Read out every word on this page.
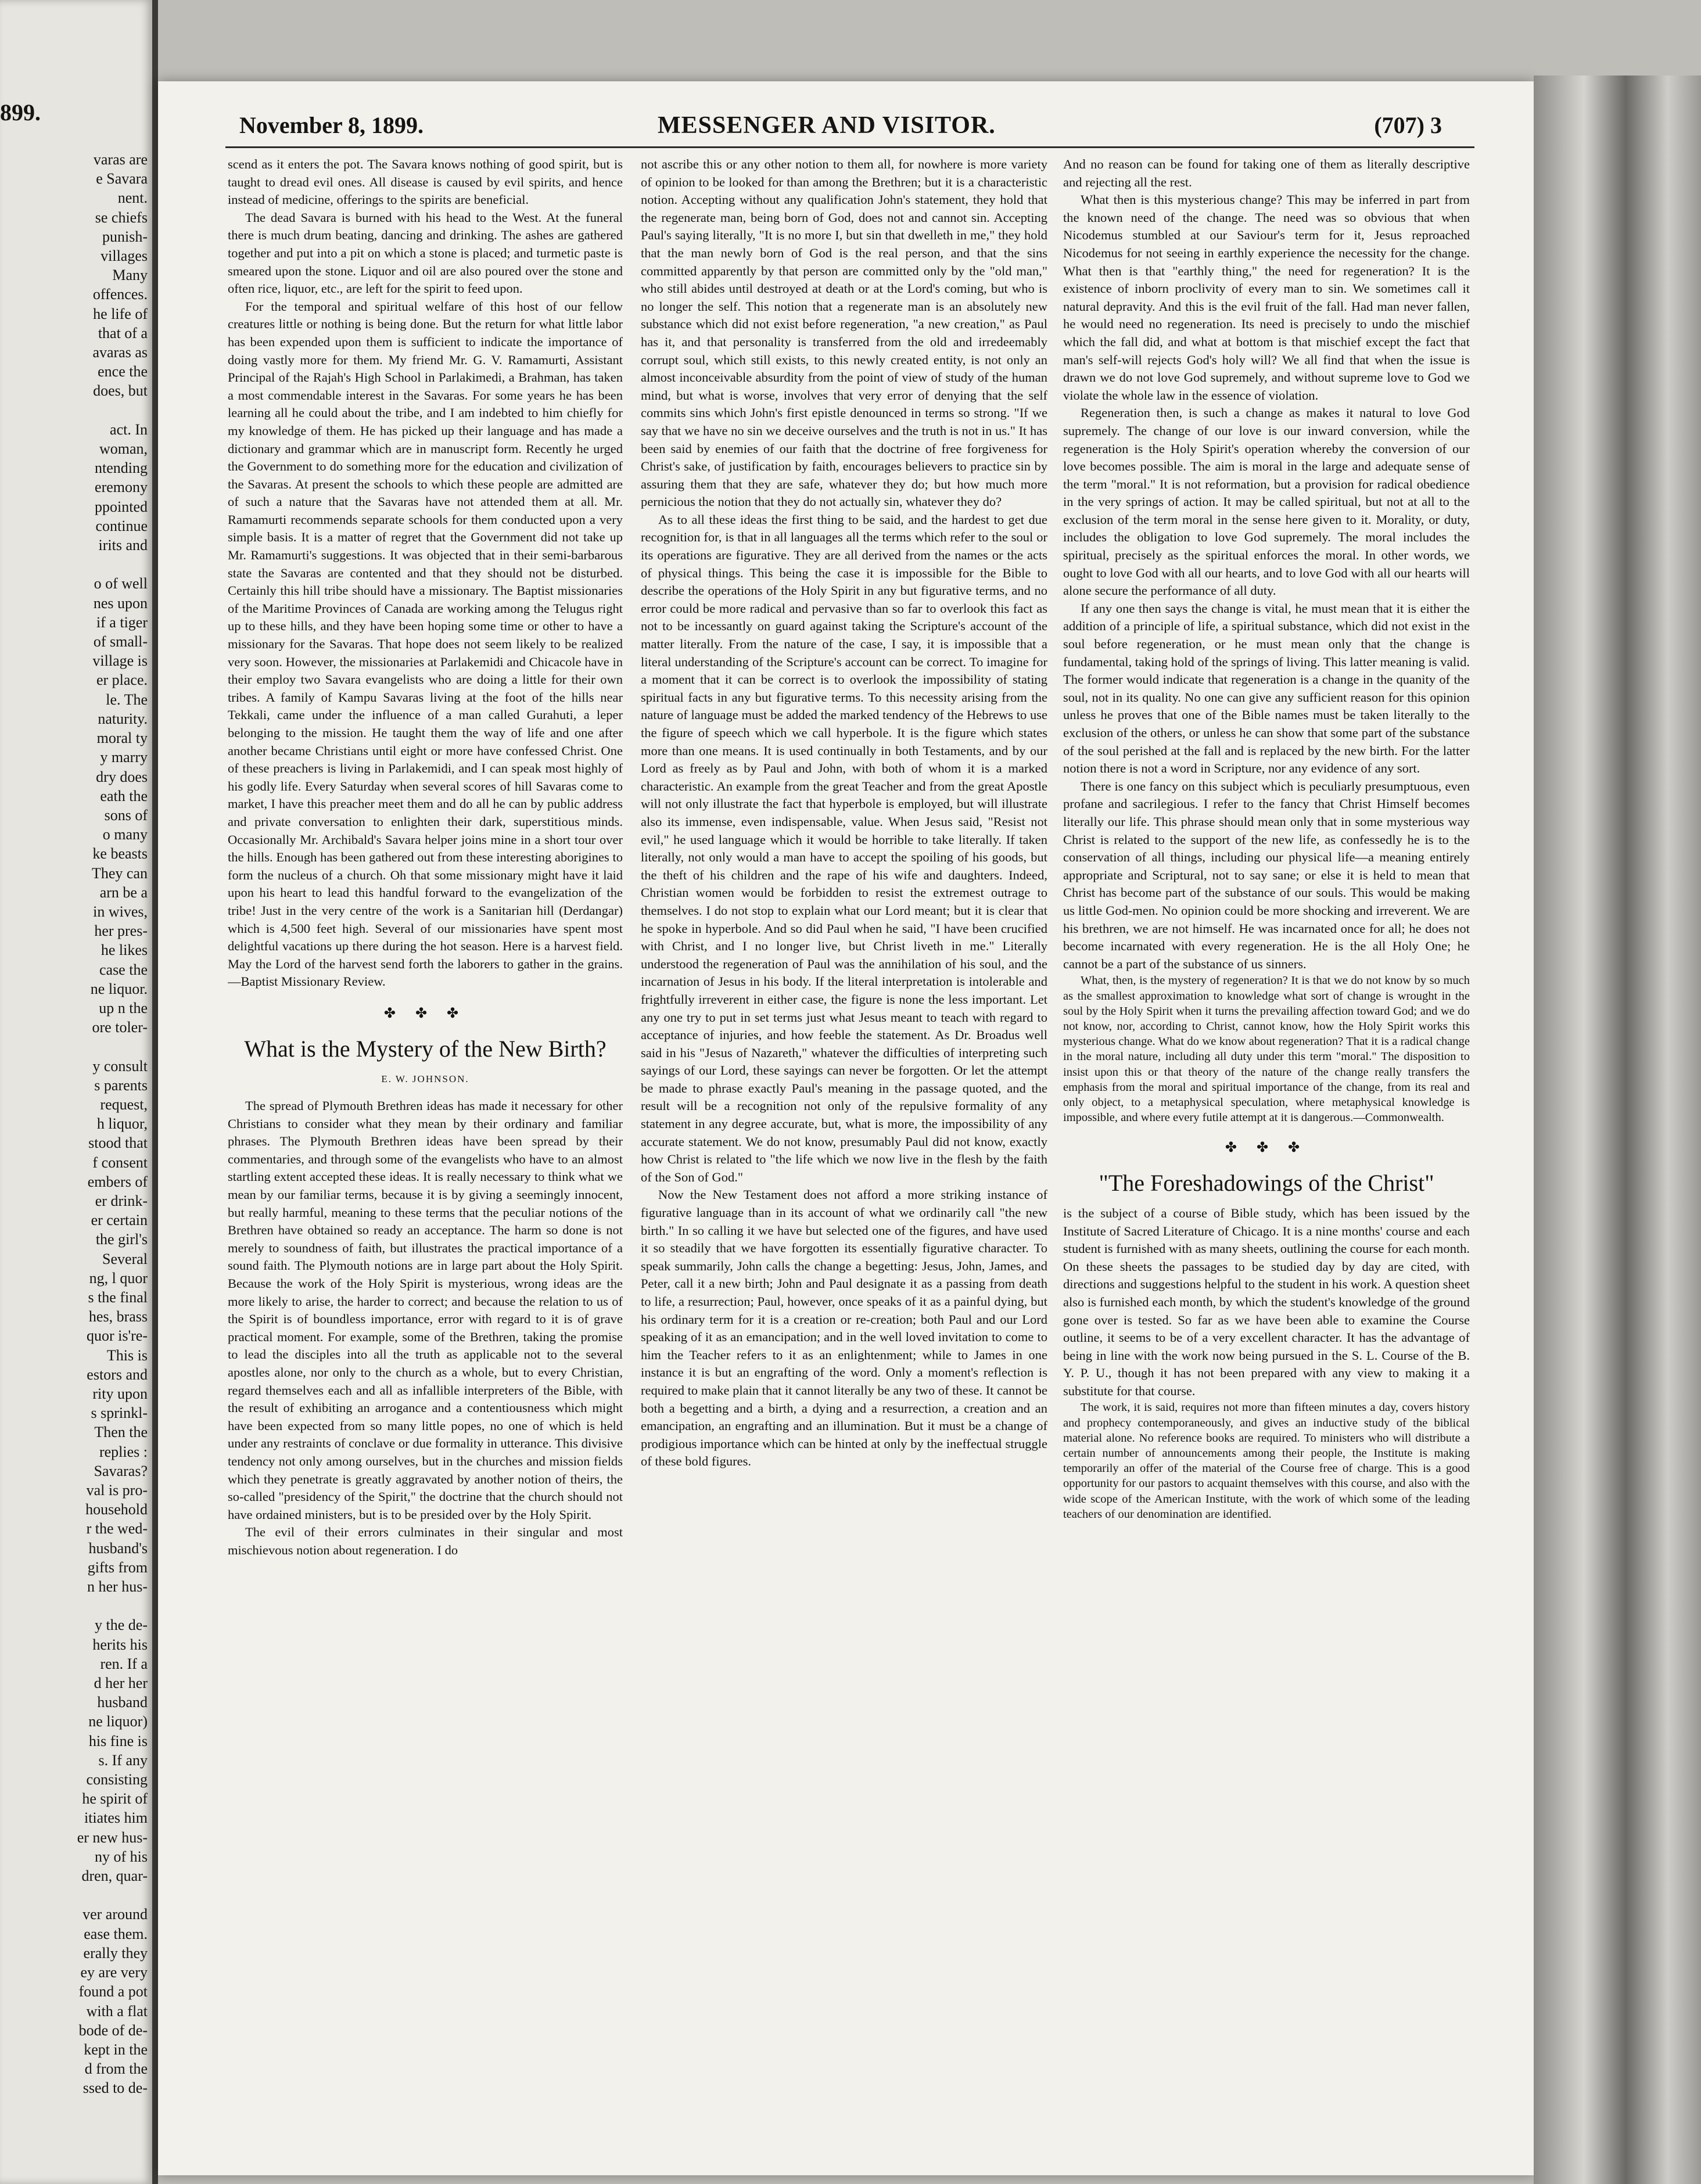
899.
varas are
e Savara
nent.
se chiefs
punish-
villages
Many
offences.
he life of
that of a
avaras as
ence the
does, but

act. In
woman,
ntending
eremony
ppointed
continue
irits and

o of well
nes upon
if a tiger
of small-
village is
er place.
le. The
naturity.
moral ty
y marry
dry does
eath the
sons of
o many
ke beasts
They can
arn be a
in wives,
her pres-
he likes
case the
ne liquor.
up n the
ore toler-

y consult
s parents
request,
h liquor,
stood that
f consent
embers of
er drink-
er certain
the girl's
Several
ng, l quor
s the final
hes, brass
quor is're-
This is
estors and
rity upon
s sprinkl-
Then the
replies :
Savaras?
val is pro-
household
r the wed-
husband's
gifts from
n her hus-

y the de-
herits his
ren. If a
d her her
husband
ne liquor)
his fine is
s. If any
consisting
he spirit of
itiates him
er new hus-
ny of his
dren, quar-

ver around
ease them.
erally they
ey are very
found a pot
with a flat
bode of de-
kept in the
d from the
ssed to de-
November 8, 1899.	MESSENGER AND VISITOR.	(707) 3

scend as it enters the pot. The Savara knows nothing of good spirit, but is taught to dread evil ones. All disease is caused by evil spirits, and hence instead of medicine, offerings to the spirits are beneficial.

The dead Savara is burned with his head to the West. At the funeral there is much drum beating, dancing and drinking. The ashes are gathered together and put into a pit on which a stone is placed; and turmetic paste is smeared upon the stone. Liquor and oil are also poured over the stone and often rice, liquor, etc., are left for the spirit to feed upon.

For the temporal and spiritual welfare of this host of our fellow creatures little or nothing is being done. But the return for what little labor has been expended upon them is sufficient to indicate the importance of doing vastly more for them. My friend Mr. G. V. Ramamurti, Assistant Principal of the Rajah's High School in Parlakimedi, a Brahman, has taken a most commendable interest in the Savaras. For some years he has been learning all he could about the tribe, and I am indebted to him chiefly for my knowledge of them. He has picked up their language and has made a dictionary and grammar which are in manuscript form. Recently he urged the Government to do something more for the education and civilization of the Savaras. At present the schools to which these people are admitted are of such a nature that the Savaras have not attended them at all. Mr. Ramamurti recommends separate schools for them conducted upon a very simple basis. It is a matter of regret that the Government did not take up Mr. Ramamurti's suggestions. It was objected that in their semi-barbarous state the Savaras are contented and that they should not be disturbed. Certainly this hill tribe should have a missionary. The Baptist missionaries of the Maritime Provinces of Canada are working among the Telugus right up to these hills, and they have been hoping some time or other to have a missionary for the Savaras. That hope does not seem likely to be realized very soon. However, the missionaries at Parlakemidi and Chicacole have in their employ two Savara evangelists who are doing a little for their own tribes. A family of Kampu Savaras living at the foot of the hills near Tekkali, came under the influence of a man called Gurahuti, a leper belonging to the mission. He taught them the way of life and one after another became Christians until eight or more have confessed Christ. One of these preachers is living in Parlakemidi, and I can speak most highly of his godly life. Every Saturday when several scores of hill Savaras come to market, I have this preacher meet them and do all he can by public address and private conversation to enlighten their dark, superstitious minds. Occasionally Mr. Archibald's Savara helper joins mine in a short tour over the hills. Enough has been gathered out from these interesting aborigines to form the nucleus of a church. Oh that some missionary might have it laid upon his heart to lead this handful forward to the evangelization of the tribe! Just in the very centre of the work is a Sanitarian hill (Derdangar) which is 4,500 feet high. Several of our missionaries have spent most delightful vacations up there during the hot season. Here is a harvest field. May the Lord of the harvest send forth the laborers to gather in the grains.—Baptist Missionary Review.

✤ ✤ ✤
What is the Mystery of the New Birth?
E. W. JOHNSON.

The spread of Plymouth Brethren ideas has made it necessary for other Christians to consider what they mean by their ordinary and familiar phrases. The Plymouth Brethren ideas have been spread by their commentaries, and through some of the evangelists who have to an almost startling extent accepted these ideas. It is really necessary to think what we mean by our familiar terms, because it is by giving a seemingly innocent, but really harmful, meaning to these terms that the peculiar notions of the Brethren have obtained so ready an acceptance. The harm so done is not merely to soundness of faith, but illustrates the practical importance of a sound faith. The Plymouth notions are in large part about the Holy Spirit. Because the work of the Holy Spirit is mysterious, wrong ideas are the more likely to arise, the harder to correct; and because the relation to us of the Spirit is of boundless importance, error with regard to it is of grave practical moment. For example, some of the Brethren, taking the promise to lead the disciples into all the truth as applicable not to the several apostles alone, nor only to the church as a whole, but to every Christian, regard themselves each and all as infallible interpreters of the Bible, with the result of exhibiting an arrogance and a contentiousness which might have been expected from so many little popes, no one of which is held under any restraints of conclave or due formality in utterance. This divisive tendency not only among ourselves, but in the churches and mission fields which they penetrate is greatly aggravated by another notion of theirs, the so-called "presidency of the Spirit," the doctrine that the church should not have ordained ministers, but is to be presided over by the Holy Spirit.

The evil of their errors culminates in their singular and most mischievous notion about regeneration. I do

not ascribe this or any other notion to them all, for nowhere is more variety of opinion to be looked for than among the Brethren; but it is a characteristic notion. Accepting without any qualification John's statement, they hold that the regenerate man, being born of God, does not and cannot sin. Accepting Paul's saying literally, "It is no more I, but sin that dwelleth in me," they hold that the man newly born of God is the real person, and that the sins committed apparently by that person are committed only by the "old man," who still abides until destroyed at death or at the Lord's coming, but who is no longer the self. This notion that a regenerate man is an absolutely new substance which did not exist before regeneration, "a new creation," as Paul has it, and that personality is transferred from the old and irredeemably corrupt soul, which still exists, to this newly created entity, is not only an almost inconceivable absurdity from the point of view of study of the human mind, but what is worse, involves that very error of denying that the self commits sins which John's first epistle denounced in terms so strong. "If we say that we have no sin we deceive ourselves and the truth is not in us." It has been said by enemies of our faith that the doctrine of free forgiveness for Christ's sake, of justification by faith, encourages believers to practice sin by assuring them that they are safe, whatever they do; but how much more pernicious the notion that they do not actually sin, whatever they do?

As to all these ideas the first thing to be said, and the hardest to get due recognition for, is that in all languages all the terms which refer to the soul or its operations are figurative. They are all derived from the names or the acts of physical things. This being the case it is impossible for the Bible to describe the operations of the Holy Spirit in any but figurative terms, and no error could be more radical and pervasive than so far to overlook this fact as not to be incessantly on guard against taking the Scripture's account of the matter literally. From the nature of the case, I say, it is impossible that a literal understanding of the Scripture's account can be correct. To imagine for a moment that it can be correct is to overlook the impossibility of stating spiritual facts in any but figurative terms. To this necessity arising from the nature of language must be added the marked tendency of the Hebrews to use the figure of speech which we call hyperbole. It is the figure which states more than one means. It is used continually in both Testaments, and by our Lord as freely as by Paul and John, with both of whom it is a marked characteristic. An example from the great Teacher and from the great Apostle will not only illustrate the fact that hyperbole is employed, but will illustrate also its immense, even indispensable, value. When Jesus said, "Resist not evil," he used language which it would be horrible to take literally. If taken literally, not only would a man have to accept the spoiling of his goods, but the theft of his children and the rape of his wife and daughters. Indeed, Christian women would be forbidden to resist the extremest outrage to themselves. I do not stop to explain what our Lord meant; but it is clear that he spoke in hyperbole. And so did Paul when he said, "I have been crucified with Christ, and I no longer live, but Christ liveth in me." Literally understood the regeneration of Paul was the annihilation of his soul, and the incarnation of Jesus in his body. If the literal interpretation is intolerable and frightfully irreverent in either case, the figure is none the less important. Let any one try to put in set terms just what Jesus meant to teach with regard to acceptance of injuries, and how feeble the statement. As Dr. Broadus well said in his "Jesus of Nazareth," whatever the difficulties of interpreting such sayings of our Lord, these sayings can never be forgotten. Or let the attempt be made to phrase exactly Paul's meaning in the passage quoted, and the result will be a recognition not only of the repulsive formality of any statement in any degree accurate, but, what is more, the impossibility of any accurate statement. We do not know, presumably Paul did not know, exactly how Christ is related to "the life which we now live in the flesh by the faith of the Son of God."

Now the New Testament does not afford a more striking instance of figurative language than in its account of what we ordinarily call "the new birth." In so calling it we have but selected one of the figures, and have used it so steadily that we have forgotten its essentially figurative character. To speak summarily, John calls the change a begetting: Jesus, John, James, and Peter, call it a new birth; John and Paul designate it as a passing from death to life, a resurrection; Paul, however, once speaks of it as a painful dying, but his ordinary term for it is a creation or re-creation; both Paul and our Lord speaking of it as an emancipation; and in the well loved invitation to come to him the Teacher refers to it as an enlightenment; while to James in one instance it is but an engrafting of the word. Only a moment's reflection is required to make plain that it cannot literally be any two of these. It cannot be both a begetting and a birth, a dying and a resurrection, a creation and an emancipation, an engrafting and an illumination. But it must be a change of prodigious importance which can be hinted at only by the ineffectual struggle of these bold figures.

And no reason can be found for taking one of them as literally descriptive and rejecting all the rest.

What then is this mysterious change? This may be inferred in part from the known need of the change. The need was so obvious that when Nicodemus stumbled at our Saviour's term for it, Jesus reproached Nicodemus for not seeing in earthly experience the necessity for the change. What then is that "earthly thing," the need for regeneration? It is the existence of inborn proclivity of every man to sin. We sometimes call it natural depravity. And this is the evil fruit of the fall. Had man never fallen, he would need no regeneration. Its need is precisely to undo the mischief which the fall did, and what at bottom is that mischief except the fact that man's self-will rejects God's holy will? We all find that when the issue is drawn we do not love God supremely, and without supreme love to God we violate the whole law in the essence of violation.

Regeneration then, is such a change as makes it natural to love God supremely. The change of our love is our inward conversion, while the regeneration is the Holy Spirit's operation whereby the conversion of our love becomes possible. The aim is moral in the large and adequate sense of the term "moral." It is not reformation, but a provision for radical obedience in the very springs of action. It may be called spiritual, but not at all to the exclusion of the term moral in the sense here given to it. Morality, or duty, includes the obligation to love God supremely. The moral includes the spiritual, precisely as the spiritual enforces the moral. In other words, we ought to love God with all our hearts, and to love God with all our hearts will alone secure the performance of all duty.

If any one then says the change is vital, he must mean that it is either the addition of a principle of life, a spiritual substance, which did not exist in the soul before regeneration, or he must mean only that the change is fundamental, taking hold of the springs of living. This latter meaning is valid. The former would indicate that regeneration is a change in the quanity of the soul, not in its quality. No one can give any sufficient reason for this opinion unless he proves that one of the Bible names must be taken literally to the exclusion of the others, or unless he can show that some part of the substance of the soul perished at the fall and is replaced by the new birth. For the latter notion there is not a word in Scripture, nor any evidence of any sort.

There is one fancy on this subject which is peculiarly presumptuous, even profane and sacrilegious. I refer to the fancy that Christ Himself becomes literally our life. This phrase should mean only that in some mysterious way Christ is related to the support of the new life, as confessedly he is to the conservation of all things, including our physical life—a meaning entirely appropriate and Scriptural, not to say sane; or else it is held to mean that Christ has become part of the substance of our souls. This would be making us little God-men. No opinion could be more shocking and irreverent. We are his brethren, we are not himself. He was incarnated once for all; he does not become incarnated with every regeneration. He is the all Holy One; he cannot be a part of the substance of us sinners.

What, then, is the mystery of regeneration? It is that we do not know by so much as the smallest approximation to knowledge what sort of change is wrought in the soul by the Holy Spirit when it turns the prevailing affection toward God; and we do not know, nor, according to Christ, cannot know, how the Holy Spirit works this mysterious change. What do we know about regeneration? That it is a radical change in the moral nature, including all duty under this term "moral." The disposition to insist upon this or that theory of the nature of the change really transfers the emphasis from the moral and spiritual importance of the change, from its real and only object, to a metaphysical speculation, where metaphysical knowledge is impossible, and where every futile attempt at it is dangerous.—Commonwealth.

✤ ✤ ✤
"The Foreshadowings of the Christ"

is the subject of a course of Bible study, which has been issued by the Institute of Sacred Literature of Chicago. It is a nine months' course and each student is furnished with as many sheets, outlining the course for each month. On these sheets the passages to be studied day by day are cited, with directions and suggestions helpful to the student in his work. A question sheet also is furnished each month, by which the student's knowledge of the ground gone over is tested. So far as we have been able to examine the Course outline, it seems to be of a very excellent character. It has the advantage of being in line with the work now being pursued in the S. L. Course of the B. Y. P. U., though it has not been prepared with any view to making it a substitute for that course.

The work, it is said, requires not more than fifteen minutes a day, covers history and prophecy contemporaneously, and gives an inductive study of the biblical material alone. No reference books are required. To ministers who will distribute a certain number of announcements among their people, the Institute is making temporarily an offer of the material of the Course free of charge. This is a good opportunity for our pastors to acquaint themselves with this course, and also with the wide scope of the American Institute, with the work of which some of the leading teachers of our denomination are identified.
